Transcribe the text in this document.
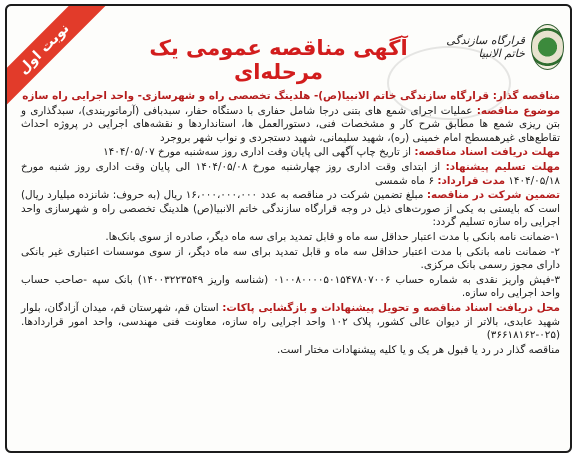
نوبت اول	قرارگاه سازندگی خاتم الانبیا
آگهی مناقصه عمومی یک مرحله‌ای

مناقصه گذار: قرارگاه سازندگی خاتم الانبیا(ص)- هلدینگ تخصصی راه و شهرسازی- واحد اجرایی راه سازه

موضوع مناقصه: عملیات اجرای شمع های بتنی درجا شامل حفاری با دستگاه حفار، سبدبافی (آرماتوربندی)، سبدگذاری و بتن ریزی شمع ها مطابق شرح کار و مشخصات فنی، دستورالعمل ها، استانداردها و نقشه‌های اجرایی در پروژه احداث تقاطع‌های غیرهمسطح امام خمینی (ره)، شهید سلیمانی، شهید دستجردی و نواب شهر بروجرد

مهلت دریافت اسناد مناقصه: از تاریخ چاپ آگهی الی پایان وقت اداری روز سه‌شنبه مورخ ۱۴۰۴/۰۵/۰۷

مهلت تسلیم پیشنهاد: از ابتدای وقت اداری روز چهارشنبه مورخ ۱۴۰۴/۰۵/۰۸ الی پایان وقت اداری روز شنبه مورخ ۱۴۰۴/۰۵/۱۸ مدت قرارداد: ۶ ماه شمسی

تضمین شرکت در مناقصه: مبلغ تضمین شرکت در مناقصه به عدد ۱۶،۰۰۰،۰۰۰،۰۰۰ ریال (به حروف: شانزده میلیارد ریال) است که بایستی به یکی از صورت‌های ذیل در وجه قرارگاه سازندگی خاتم الانبیا(ص) هلدینگ تخصصی راه و شهرسازی واحد اجرایی راه سازه تسلیم گردد:

۱-ضمانت نامه بانکی با مدت اعتبار حداقل سه ماه و قابل تمدید برای سه ماه دیگر، صادره از سوی بانک‌ها.

۲- ضمانت نامه بانکی با مدت اعتبار حداقل سه ماه و قابل تمدید برای سه ماه دیگر، از سوی موسسات اعتباری غیر بانکی دارای مجوز رسمی بانک مرکزی.

۳-فیش واریز نقدی به شماره حساب ۰۱۰۰۸۰۰۰۰۵۰۱۵۴۷۸۰۷۰۰۶ (شناسه واریز ۱۴۰۰۳۲۲۳۵۴۹) بانک سپه -صاحب حساب واحد اجرایی راه سازه.

محل دریافت اسناد مناقصه و تحویل پیشنهادات و بازگشایی پاکات: استان قم، شهرستان قم، میدان آزادگان، بلوار شهید عابدی، بالاتر از دیوان عالی کشور، پلاک ۱۰۲ واحد اجرایی راه سازه، معاونت فنی مهندسی، واحد امور قراردادها. (۰۲۵-۳۶۶۱۸۱۶۲)

مناقصه گذار در رد یا قبول هر یک و یا کلیه پیشنهادات مختار است.
